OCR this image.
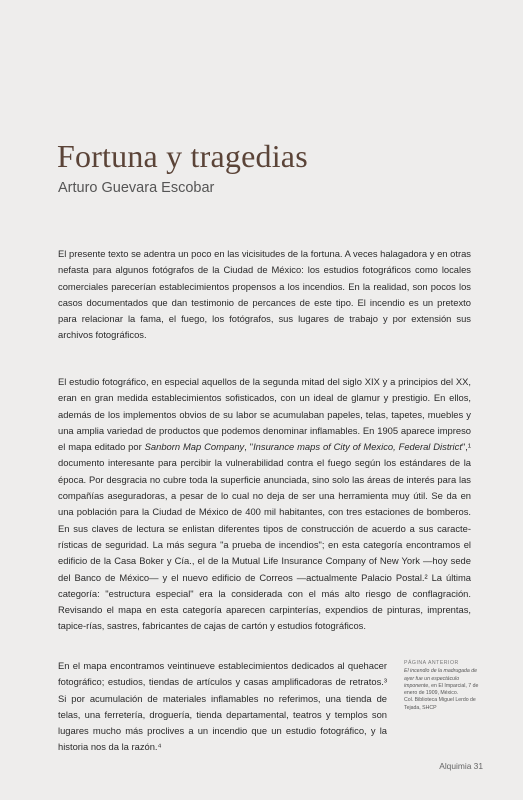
Fortuna y tragedias
Arturo Guevara Escobar

El presente texto se adentra un poco en las vicisitudes de la fortuna. A veces halagadora y en otras nefasta para algunos fotógrafos de la Ciudad de México: los estudios fotográficos como locales comerciales parecerían establecimientos propensos a los incendios. En la realidad, son pocos los casos documentados que dan testimonio de percances de este tipo. El incendio es un pretexto para relacionar la fama, el fuego, los fotógrafos, sus lugares de trabajo y por extensión sus archivos fotográficos.

El estudio fotográfico, en especial aquellos de la segunda mitad del siglo XIX y a principios del XX, eran en gran medida establecimientos sofisticados, con un ideal de glamur y prestigio. En ellos, además de los implementos obvios de su labor se acumulaban papeles, telas, tapetes, muebles y una amplia variedad de productos que podemos denominar inflamables. En 1905 aparece impreso el mapa editado por Sanborn Map Company, "Insurance maps of City of Mexico, Federal District",¹ documento interesante para percibir la vulnerabilidad contra el fuego según los estándares de la época. Por desgracia no cubre toda la superficie anunciada, sino solo las áreas de interés para las compañías aseguradoras, a pesar de lo cual no deja de ser una herramienta muy útil. Se da en una población para la Ciudad de México de 400 mil habitantes, con tres estaciones de bomberos. En sus claves de lectura se enlistan diferentes tipos de construcción de acuerdo a sus caracte-rísticas de seguridad. La más segura "a prueba de incendios"; en esta categoría encontramos el edificio de la Casa Boker y Cía., el de la Mutual Life Insurance Company of New York —hoy sede del Banco de México— y el nuevo edificio de Correos —actualmente Palacio Postal.² La última categoría: "estructura especial" era la considerada con el más alto riesgo de conflagración. Revisando el mapa en esta categoría aparecen carpinterías, expendios de pinturas, imprentas, tapice-rías, sastres, fabricantes de cajas de cartón y estudios fotográficos.

En el mapa encontramos veintinueve establecimientos dedicados al quehacer fotográfico; estudios, tiendas de artículos y casas amplificadoras de retratos.³ Si por acumulación de materiales inflamables no referimos, una tienda de telas, una ferretería, droguería, tienda departamental, teatros y templos son lugares mucho más proclives a un incendio que un estudio fotográfico, y la historia nos da la razón.⁴

PÁGINA ANTERIOR
El incendio de la madrugada de ayer fue un espectáculo imponente, en El Imparcial, 7 de enero de 1909, México.
Col. Biblioteca Miguel Lerdo de Tejada, SHCP
Alquimia 31
